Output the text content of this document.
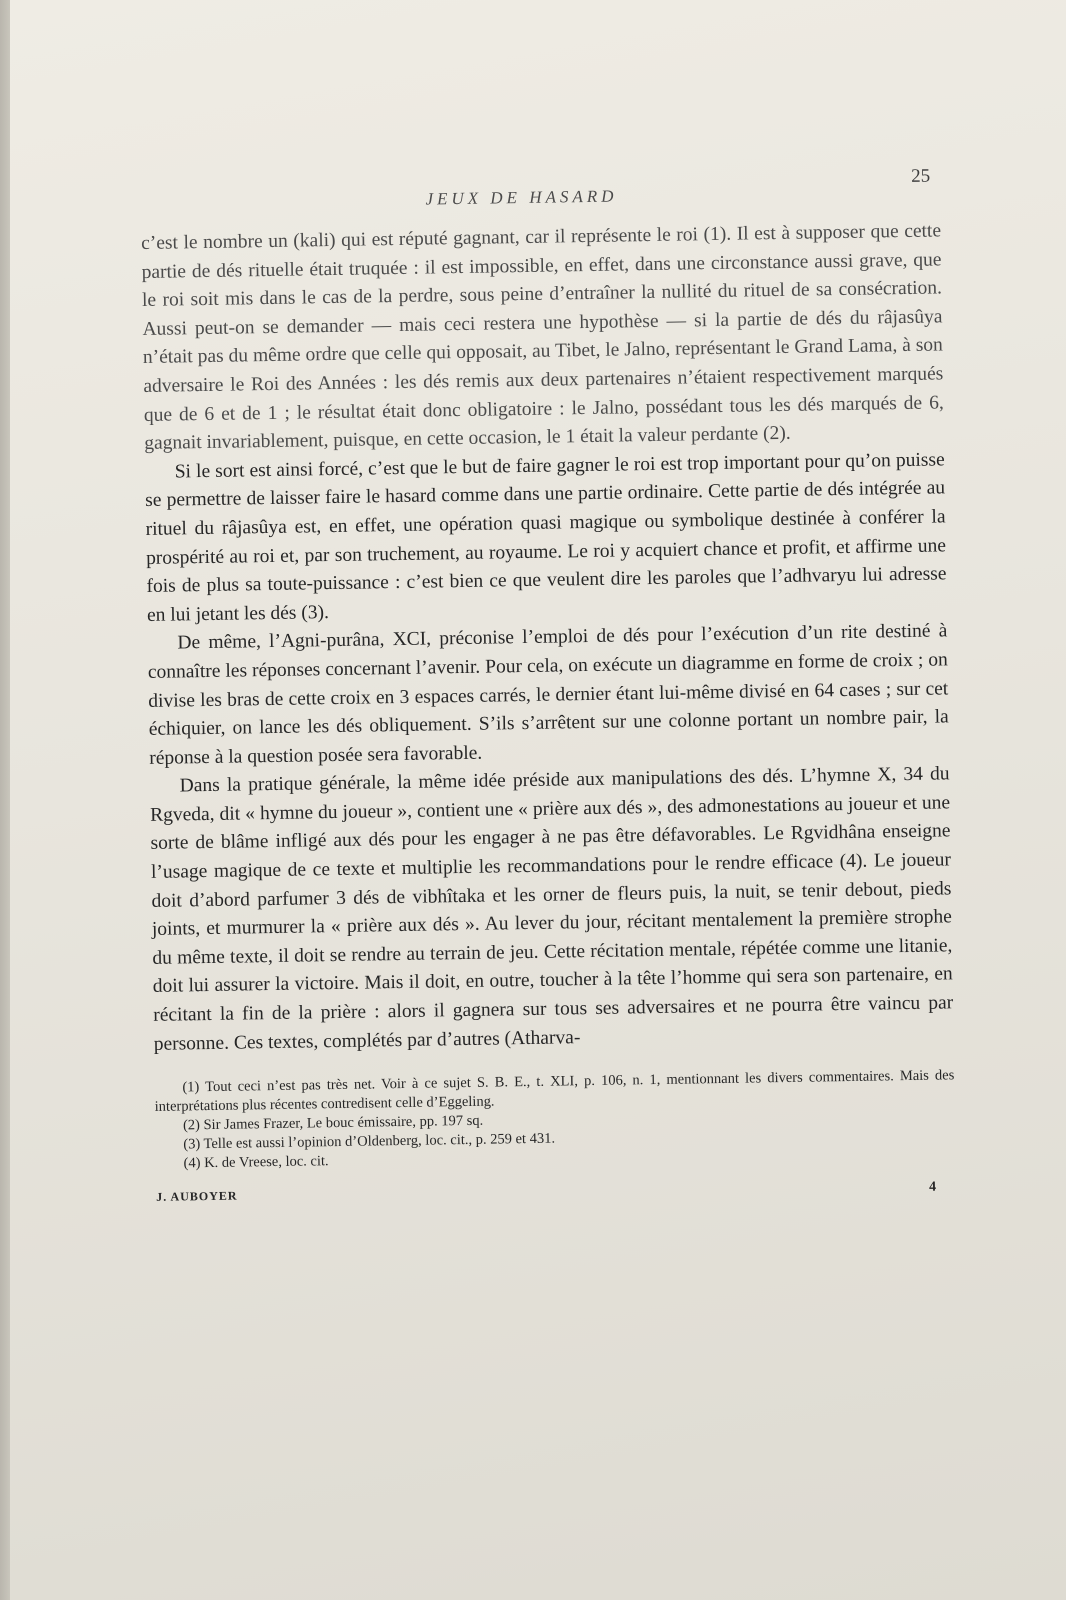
JEUX DE HASARD
25

c’est le nombre un (kali) qui est réputé gagnant, car il représente le roi (1). Il est à supposer que cette partie de dés rituelle était truquée : il est impossible, en effet, dans une circonstance aussi grave, que le roi soit mis dans le cas de la perdre, sous peine d’entraîner la nullité du rituel de sa consécration. Aussi peut-on se demander — mais ceci restera une hypothèse — si la partie de dés du râjasûya n’était pas du même ordre que celle qui opposait, au Tibet, le Jalno, représentant le Grand Lama, à son adversaire le Roi des Années : les dés remis aux deux partenaires n’étaient respectivement marqués que de 6 et de 1 ; le résultat était donc obligatoire : le Jalno, possédant tous les dés marqués de 6, gagnait invariablement, puisque, en cette occasion, le 1 était la valeur perdante (2).

Si le sort est ainsi forcé, c’est que le but de faire gagner le roi est trop important pour qu’on puisse se permettre de laisser faire le hasard comme dans une partie ordinaire. Cette partie de dés intégrée au rituel du râjasûya est, en effet, une opération quasi magique ou symbolique destinée à conférer la prospérité au roi et, par son truchement, au royaume. Le roi y acquiert chance et profit, et affirme une fois de plus sa toute-puissance : c’est bien ce que veulent dire les paroles que l’adhvaryu lui adresse en lui jetant les dés (3).

De même, l’Agni-purâna, XCI, préconise l’emploi de dés pour l’exécution d’un rite destiné à connaître les réponses concernant l’avenir. Pour cela, on exécute un diagramme en forme de croix ; on divise les bras de cette croix en 3 espaces carrés, le dernier étant lui-même divisé en 64 cases ; sur cet échiquier, on lance les dés obliquement. S’ils s’arrêtent sur une colonne portant un nombre pair, la réponse à la question posée sera favorable.

Dans la pratique générale, la même idée préside aux manipulations des dés. L’hymne X, 34 du Rgveda, dit « hymne du joueur », contient une « prière aux dés », des admonestations au joueur et une sorte de blâme infligé aux dés pour les engager à ne pas être défavorables. Le Rgvidhâna enseigne l’usage magique de ce texte et multiplie les recommandations pour le rendre efficace (4). Le joueur doit d’abord parfumer 3 dés de vibhîtaka et les orner de fleurs puis, la nuit, se tenir debout, pieds joints, et murmurer la « prière aux dés ». Au lever du jour, récitant mentalement la première strophe du même texte, il doit se rendre au terrain de jeu. Cette récitation mentale, répétée comme une litanie, doit lui assurer la victoire. Mais il doit, en outre, toucher à la tête l’homme qui sera son partenaire, en récitant la fin de la prière : alors il gagnera sur tous ses adversaires et ne pourra être vaincu par personne. Ces textes, complétés par d’autres (Atharva-

(1) Tout ceci n’est pas très net. Voir à ce sujet S. B. E., t. XLI, p. 106, n. 1, mentionnant les divers commentaires. Mais des interprétations plus récentes contredisent celle d’Eggeling.
(2) Sir James Frazer, Le bouc émissaire, pp. 197 sq.
(3) Telle est aussi l’opinion d’Oldenberg, loc. cit., p. 259 et 431.
(4) K. de Vreese, loc. cit.
J. AUBOYER
4
